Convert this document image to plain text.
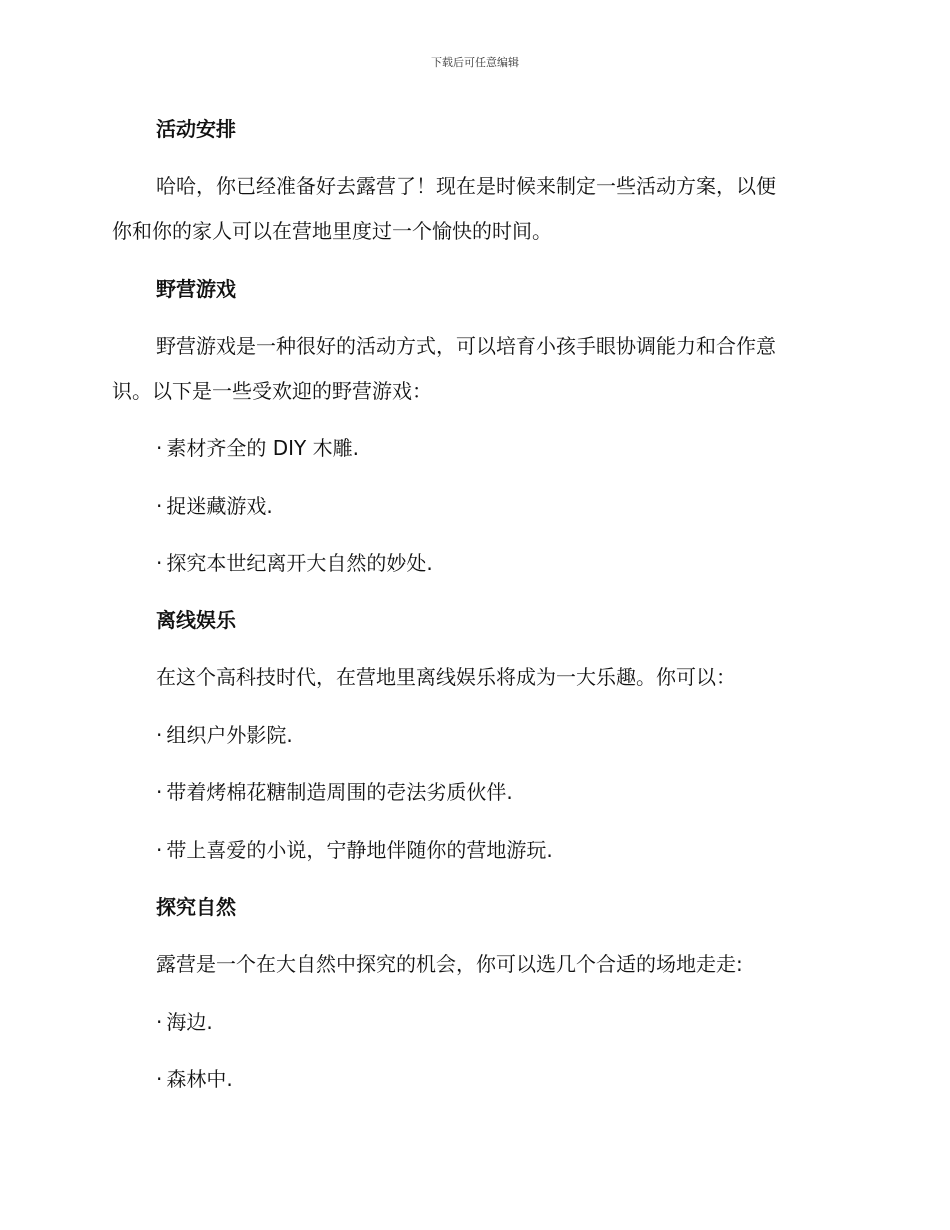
下载后可任意编辑
活动安排
哈哈，你已经准备好去露营了！现在是时候来制定一些活动方案，以便
你和你的家人可以在营地里度过一个愉快的时间。
野营游戏
野营游戏是一种很好的活动方式，可以培育小孩手眼协调能力和合作意
识。以下是一些受欢迎的野营游戏：
· 素材齐全的 DIY 木雕.
· 捉迷藏游戏.
· 探究本世纪离开大自然的妙处.
离线娱乐
在这个高科技时代，在营地里离线娱乐将成为一大乐趣。你可以：
· 组织户外影院.
· 带着烤棉花糖制造周围的壱法劣质伙伴.
· 带上喜爱的小说，宁静地伴随你的营地游玩.
探究自然
露营是一个在大自然中探究的机会，你可以选几个合适的场地走走:
· 海边.
· 森林中.
